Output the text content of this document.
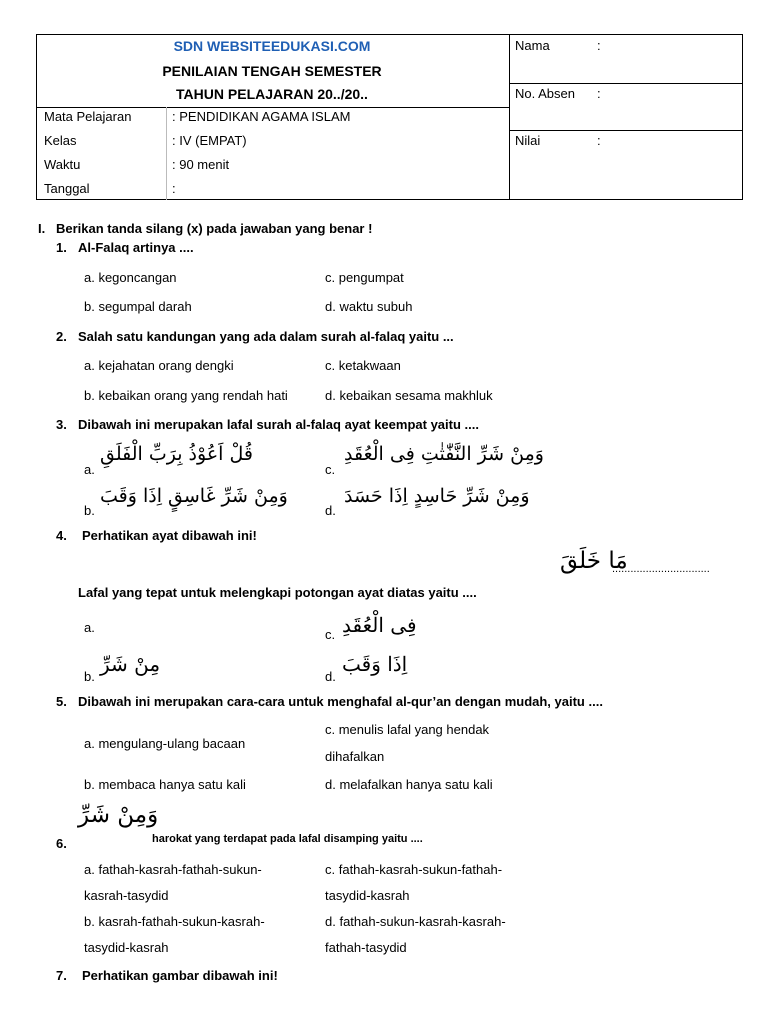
SDN WEBSITEEDUKASI.COM
PENILAIAN TENGAH SEMESTER
TAHUN PELAJARAN 20../20..
Mata Pelajaran	: PENDIDIKAN AGAMA ISLAM
Kelas	: IV (EMPAT)
Waktu	: 90 menit
Tanggal	:
Nama	:
No. Absen :
Nilai	:
I. Berikan tanda silang (x) pada jawaban yang benar !
1. Al-Falaq artinya ....
a. kegoncangan	c. pengumpat
b. segumpal darah	d. waktu subuh
2. Salah satu kandungan yang ada dalam surah al-falaq yaitu ...
a. kejahatan orang dengki	c. ketakwaan
b. kebaikan orang yang rendah hati	d. kebaikan sesama makhluk
3. Dibawah ini merupakan lafal surah al-falaq ayat keempat yaitu ....
a.
قُلْ اَعُوْذُ بِرَبِّ الْفَلَقِ
c.
وَمِنْ شَرِّ النَّفّٰثٰتِ فِى الْعُقَدِ
b.
وَمِنْ شَرِّ غَاسِقٍ اِذَا وَقَبَ
d.
وَمِنْ شَرِّ حَاسِدٍ اِذَا حَسَدَ
4. Perhatikan ayat dibawah ini!
مَا خَلَقَ
................................
Lafal yang tepat untuk melengkapi potongan ayat diatas yaitu ....
a.	c. فِى الْعُقَدِ
b.
مِنْ شَرِّ
d.
اِذَا وَقَبَ
5. Dibawah ini merupakan cara-cara untuk menghafal al-qur’an dengan mudah, yaitu ....
a. mengulang-ulang bacaan
c. menulis lafal yang hendak
dihafalkan
b. membaca hanya satu kali	d. melafalkan hanya satu kali
وَمِنْ شَرِّ
6.	harokat yang terdapat pada lafal disamping yaitu ....
a. fathah-kasrah-fathah-sukun-
kasrah-tasydid
c. fathah-kasrah-sukun-fathah-
tasydid-kasrah
b. kasrah-fathah-sukun-kasrah-
tasydid-kasrah
d. fathah-sukun-kasrah-kasrah-
fathah-tasydid
7. Perhatikan gambar dibawah ini!
